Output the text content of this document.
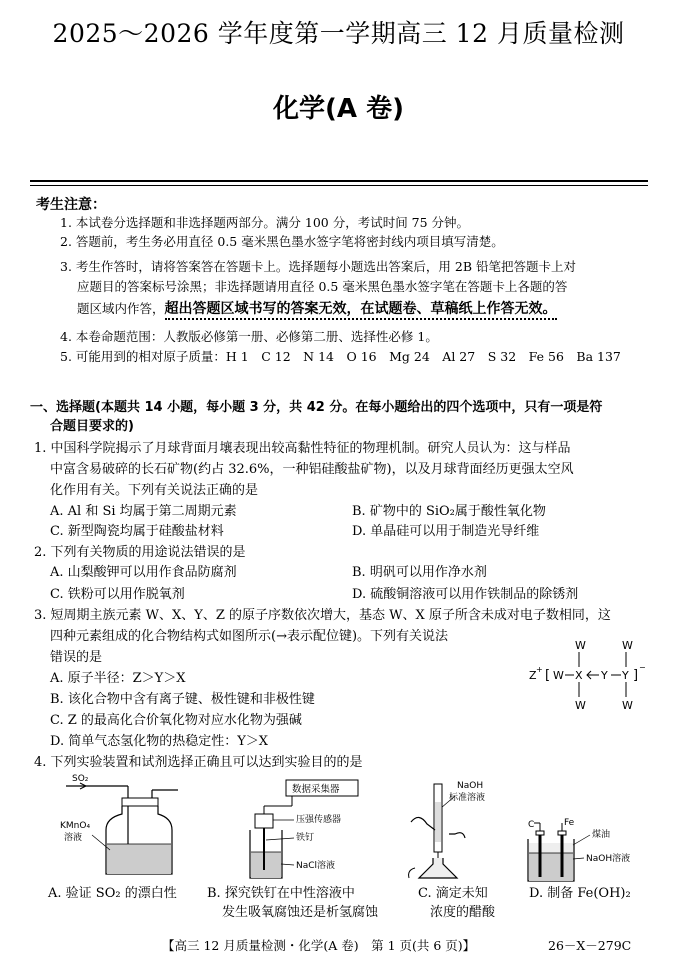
2025～2026 学年度第一学期高三 12 月质量检测
化学(A 卷)
考生注意：
1. 本试卷分选择题和非选择题两部分。满分 100 分，考试时间 75 分钟。
2. 答题前，考生务必用直径 0.5 毫米黑色墨水签字笔将密封线内项目填写清楚。
3. 考生作答时，请将答案答在答题卡上。选择题每小题选出答案后，用 2B 铅笔把答题卡上对
应题目的答案标号涂黑；非选择题请用直径 0.5 毫米黑色墨水签字笔在答题卡上各题的答
题区域内作答，超出答题区域书写的答案无效，在试题卷、草稿纸上作答无效。
4. 本卷命题范围：人教版必修第一册、必修第二册、选择性必修 1。
5. 可能用到的相对原子质量：H 1　C 12　N 14　O 16　Mg 24　Al 27　S 32　Fe 56　Ba 137
一、选择题(本题共 14 小题，每小题 3 分，共 42 分。在每小题给出的四个选项中，只有一项是符
合题目要求的)
1. 中国科学院揭示了月球背面月壤表现出较高黏性特征的物理机制。研究人员认为：这与样品
中富含易破碎的长石矿物(约占 32.6%，一种铝硅酸盐矿物)，以及月球背面经历更强太空风
化作用有关。下列有关说法正确的是
A. Al 和 Si 均属于第二周期元素	B. 矿物中的 SiO₂属于酸性氧化物
C. 新型陶瓷均属于硅酸盐材料	D. 单晶硅可以用于制造光导纤维
2. 下列有关物质的用途说法错误的是
A. 山梨酸钾可以用作食品防腐剂	B. 明矾可以用作净水剂
C. 铁粉可以用作脱氧剂	D. 硫酸铜溶液可以用作铁制品的除锈剂
3. 短周期主族元素 W、X、Y、Z 的原子序数依次增大，基态 W、X 原子所含未成对电子数相同，这
四种元素组成的化合物结构式如图所示(→表示配位键)。下列有关说法
错误的是
A. 原子半径：Z＞Y＞X
B. 该化合物中含有离子键、极性键和非极性键
C. Z 的最高化合价氧化物对应水化物为强碱
D. 简单气态氢化物的热稳定性：Y＞X
Z + [ W X Y Y ]
−
W	W
W	W
4. 下列实验装置和试剂选择正确且可以达到实验目的的是
SO₂
KMnO₄
溶液
A. 验证 SO₂ 的漂白性
数据采集器
压强传感器
铁钉
NaCl溶液
B. 探究铁钉在中性溶液中
发生吸氧腐蚀还是析氢腐蚀
NaOH
标准溶液
C. 滴定未知
浓度的醋酸
C	Fe
煤油
NaOH溶液
D. 制备 Fe(OH)₂
【高三 12 月质量检测・化学(A 卷)　第 1 页(共 6 页)】	26－X－279C
